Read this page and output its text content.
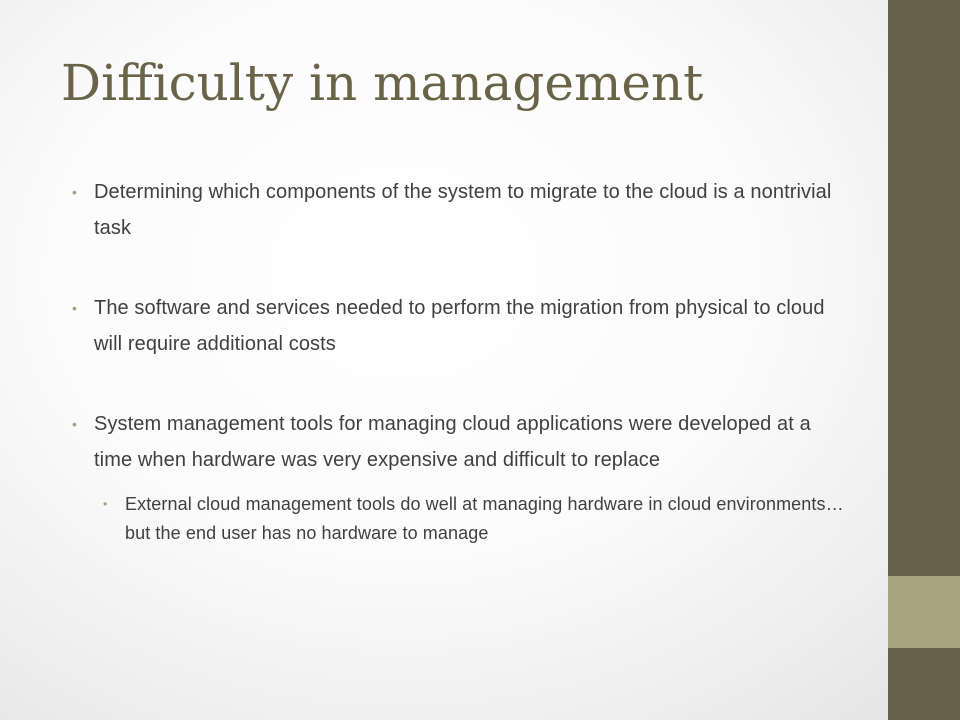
Difficulty in management
• Determining which components of the system to migrate to the cloud is a nontrivial task
• The software and services needed to perform the migration from physical to cloud will require additional costs
• System management tools for managing cloud applications were developed at a time when hardware was very expensive and difficult to replace
• External cloud management tools do well at managing hardware in cloud environments… but the end user has no hardware to manage
